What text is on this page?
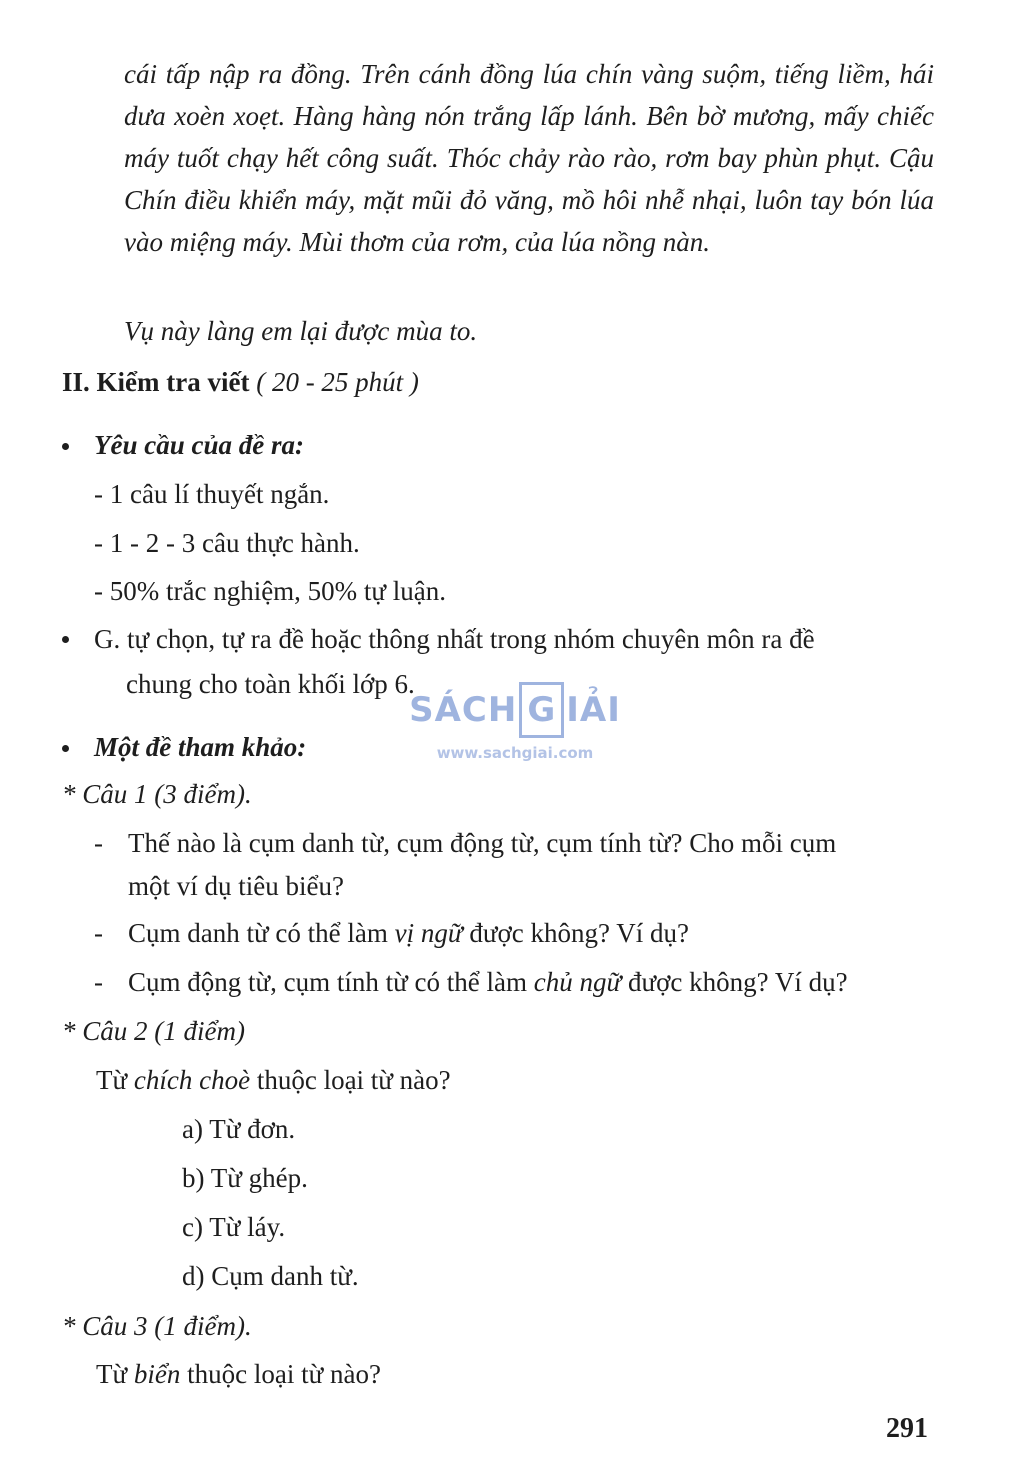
cái tấp nập ra đồng. Trên cánh đồng lúa chín vàng suộm, tiếng liềm, hái dưa xoèn xoẹt. Hàng hàng nón trắng lấp lánh. Bên bờ mương, mấy chiếc máy tuốt chạy hết công suất. Thóc chảy rào rào, rơm bay phùn phụt. Cậu Chín điều khiển máy, mặt mũi đỏ văng, mồ hôi nhễ nhại, luôn tay bón lúa vào miệng máy. Mùi thơm của rơm, của lúa nồng nàn.
Vụ này làng em lại được mùa to.
II. Kiểm tra viết ( 20 - 25 phút )
Yêu cầu của đề ra:
- 1 câu lí thuyết ngắn.
- 1 - 2 - 3 câu thực hành.
- 50% trắc nghiệm, 50% tự luận.
G. tự chọn, tự ra đề hoặc thông nhất trong nhóm chuyên môn ra đề
chung cho toàn khối lớp 6.
Một đề tham khảo:
* Câu 1 (3 điểm).
- Thế nào là cụm danh từ, cụm động từ, cụm tính từ? Cho mỗi cụm
một ví dụ tiêu biểu?
- Cụm danh từ có thể làm vị ngữ được không? Ví dụ?
- Cụm động từ, cụm tính từ có thể làm chủ ngữ được không? Ví dụ?
* Câu 2 (1 điểm)
Từ chích choè thuộc loại từ nào?
a) Từ đơn.
b) Từ ghép.
c) Từ láy.
d) Cụm danh từ.
* Câu 3 (1 điểm).
Từ biển thuộc loại từ nào?
SÁCH G IẢI
www.sachgiai.com
291
